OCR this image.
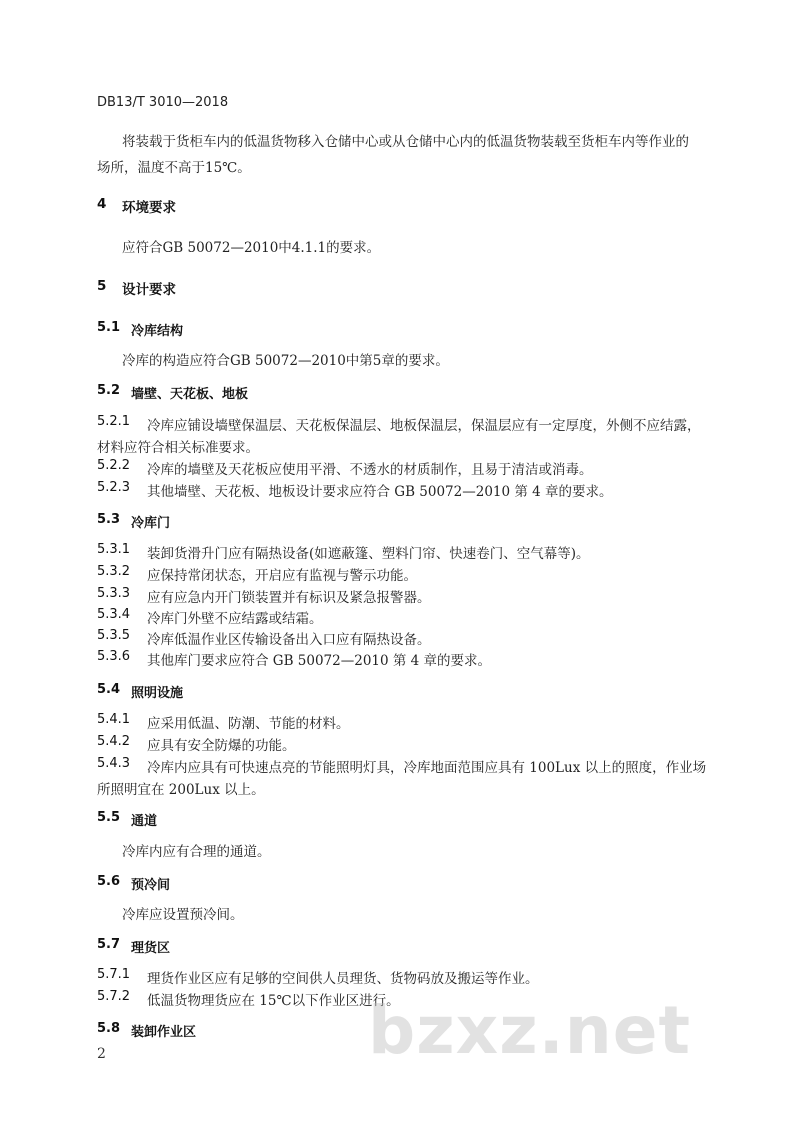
DB13/T 3010—2018
将装载于货柜车内的低温货物移入仓储中心或从仓储中心内的低温货物装载至货柜车内等作业的
场所，温度不高于15℃。
4 环境要求
应符合GB 50072—2010中4.1.1的要求。
5 设计要求
5.1 冷库结构
冷库的构造应符合GB 50072—2010中第5章的要求。
5.2 墙壁、天花板、地板
5.2.1 冷库应铺设墙壁保温层、天花板保温层、地板保温层，保温层应有一定厚度，外侧不应结露，
材料应符合相关标准要求。
5.2.2 冷库的墙壁及天花板应使用平滑、不透水的材质制作，且易于清洁或消毒。
5.2.3 其他墙壁、天花板、地板设计要求应符合 GB 50072—2010 第 4 章的要求。
5.3 冷库门
5.3.1 装卸货滑升门应有隔热设备(如遮蔽篷、塑料门帘、快速卷门、空气幕等)。
5.3.2 应保持常闭状态，开启应有监视与警示功能。
5.3.3 应有应急内开门锁装置并有标识及紧急报警器。
5.3.4 冷库门外壁不应结露或结霜。
5.3.5 冷库低温作业区传输设备出入口应有隔热设备。
5.3.6 其他库门要求应符合 GB 50072—2010 第 4 章的要求。
5.4 照明设施
5.4.1 应采用低温、防潮、节能的材料。
5.4.2 应具有安全防爆的功能。
5.4.3 冷库内应具有可快速点亮的节能照明灯具，冷库地面范围应具有 100Lux 以上的照度，作业场
所照明宜在 200Lux 以上。
5.5 通道
冷库内应有合理的通道。
5.6 预冷间
冷库应设置预冷间。
5.7 理货区
5.7.1 理货作业区应有足够的空间供人员理货、货物码放及搬运等作业。
5.7.2 低温货物理货应在 15℃以下作业区进行。
5.8 装卸作业区
2	bzxz.net
